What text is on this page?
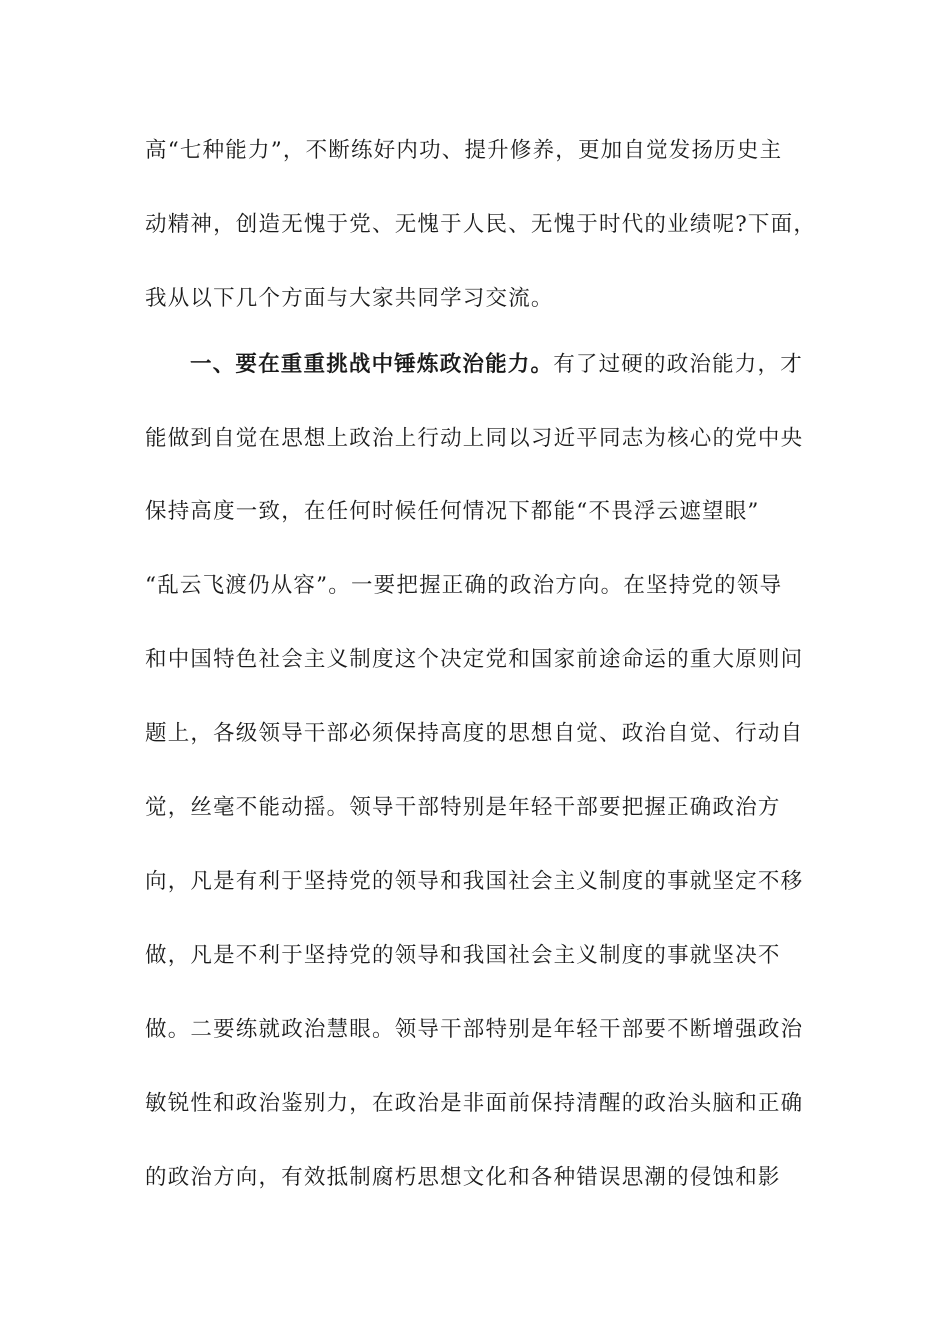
高“七种能力”，不断练好内功、提升修养，更加自觉发扬历史主
动精神，创造无愧于党、无愧于人民、无愧于时代的业绩呢?下面，
我从以下几个方面与大家共同学习交流。
一、要在重重挑战中锤炼政治能力。有了过硬的政治能力，才
能做到自觉在思想上政治上行动上同以习近平同志为核心的党中央
保持高度一致，在任何时候任何情况下都能“不畏浮云遮望眼”
“乱云飞渡仍从容”。一要把握正确的政治方向。在坚持党的领导
和中国特色社会主义制度这个决定党和国家前途命运的重大原则问
题上，各级领导干部必须保持高度的思想自觉、政治自觉、行动自
觉，丝毫不能动摇。领导干部特别是年轻干部要把握正确政治方
向，凡是有利于坚持党的领导和我国社会主义制度的事就坚定不移
做，凡是不利于坚持党的领导和我国社会主义制度的事就坚决不
做。二要练就政治慧眼。领导干部特别是年轻干部要不断增强政治
敏锐性和政治鉴别力，在政治是非面前保持清醒的政治头脑和正确
的政治方向，有效抵制腐朽思想文化和各种错误思潮的侵蚀和影
